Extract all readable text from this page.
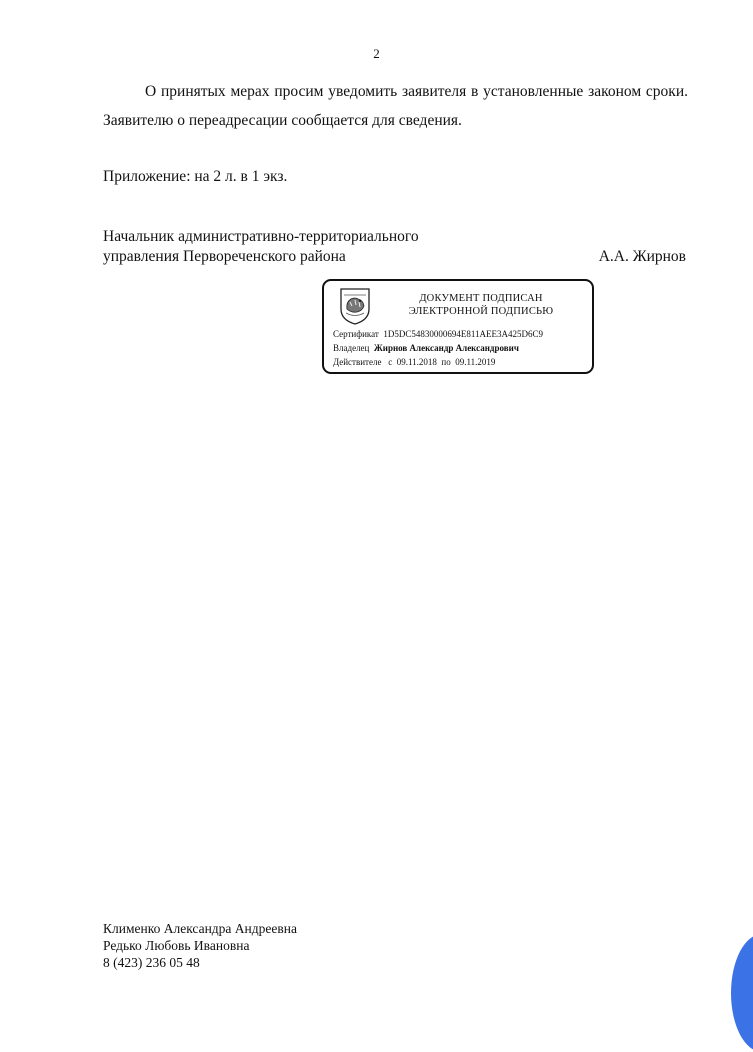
2
О принятых мерах просим уведомить заявителя в установленные законом сроки. Заявителю о переадресации сообщается для сведения.
Приложение: на 2 л. в 1 экз.
Начальник административно-территориального
управления Первореченского района	А.А. Жирнов
ДОКУМЕНТ ПОДПИСАН
ЭЛЕКТРОННОЙ ПОДПИСЬЮ
Сертификат 1D5DC54830000694E811AEE3A425D6C9
Владелец Жирнов Александр Александрович
Действителе с 09.11.2018 по 09.11.2019
Клименко Александра Андреевна
Редько Любовь Ивановна
8 (423) 236 05 48
